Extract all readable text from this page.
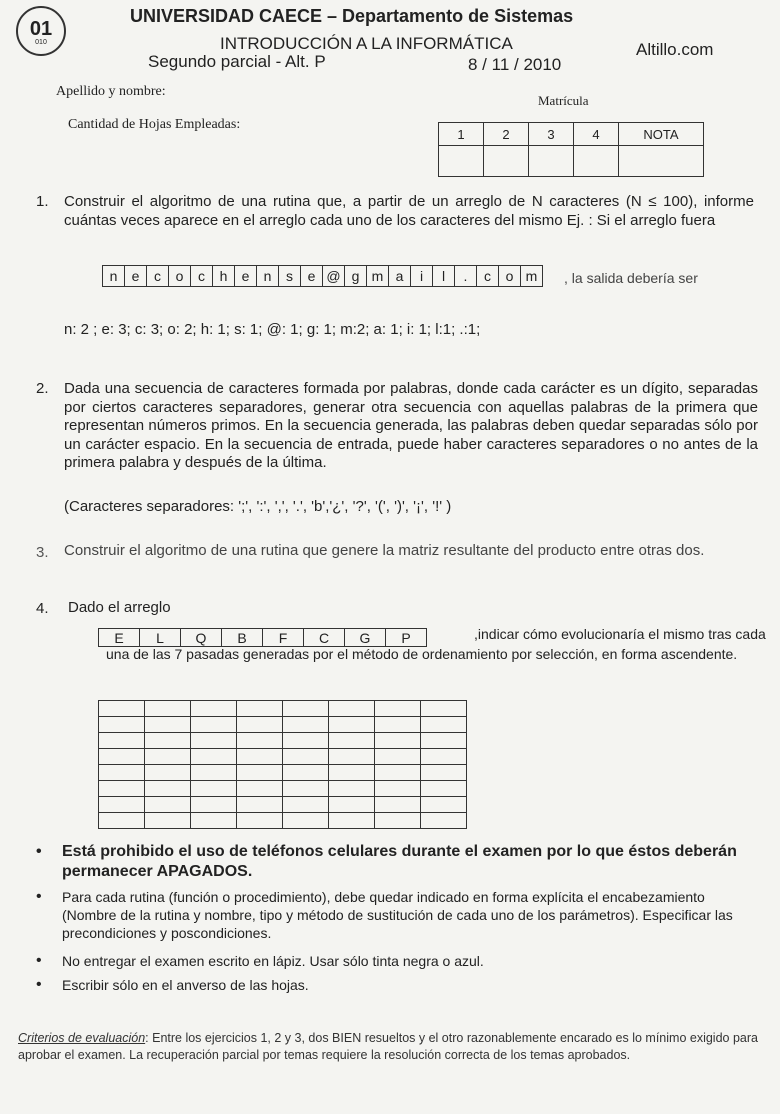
01
010
UNIVERSIDAD CAECE – Departamento de Sistemas
INTRODUCCIÓN A LA INFORMÁTICA
Segundo parcial - Alt. P	8 / 11 / 2010
Altillo.com
Apellido y nombre:
Matrícula
Cantidad de Hojas Empleadas:
1	2	3	4	NOTA

1. Construir el algoritmo de una rutina que, a partir de un arreglo de N caracteres (N ≤ 100), informe cuántas veces aparece en el arreglo cada uno de los caracteres del mismo Ej. : Si el arreglo fuera
n	e	c	o	c	h	e	n	s	e	@	g	m	a	i	l	.	c	o	m , la salida debería ser
n: 2 ; e: 3; c: 3; o: 2; h: 1; s: 1; @: 1; g: 1; m:2; a: 1; i: 1; l:1; .:1;
2. Dada una secuencia de caracteres formada por palabras, donde cada carácter es un dígito, separadas por ciertos caracteres separadores, generar otra secuencia con aquellas palabras de la primera que representan números primos. En la secuencia generada, las palabras deben quedar separadas sólo por un carácter espacio. En la secuencia de entrada, puede haber caracteres separadores o no antes de la primera palabra y después de la última.
(Caracteres separadores: ';', ':', ',', '.', 'b','¿', '?', '(', ')', '¡', '!' )
3. Construir el algoritmo de una rutina que genere la matriz resultante del producto entre otras dos.
4. Dado el arreglo
E	L	Q	B	F	C	G	P	,indicar cómo evolucionaría el mismo tras cada una de las 7 pasadas generadas por el método de ordenamiento por selección, en forma ascendente.

• Está prohibido el uso de teléfonos celulares durante el examen por lo que éstos deberán permanecer APAGADOS.
• Para cada rutina (función o procedimiento), debe quedar indicado en forma explícita el encabezamiento (Nombre de la rutina y nombre, tipo y método de sustitución de cada uno de los parámetros). Especificar las precondiciones y poscondiciones.
• No entregar el examen escrito en lápiz. Usar sólo tinta negra o azul.
• Escribir sólo en el anverso de las hojas.
Criterios de evaluación: Entre los ejercicios 1, 2 y 3, dos BIEN resueltos y el otro razonablemente encarado es lo mínimo exigido para aprobar el examen. La recuperación parcial por temas requiere la resolución correcta de los temas aprobados.
